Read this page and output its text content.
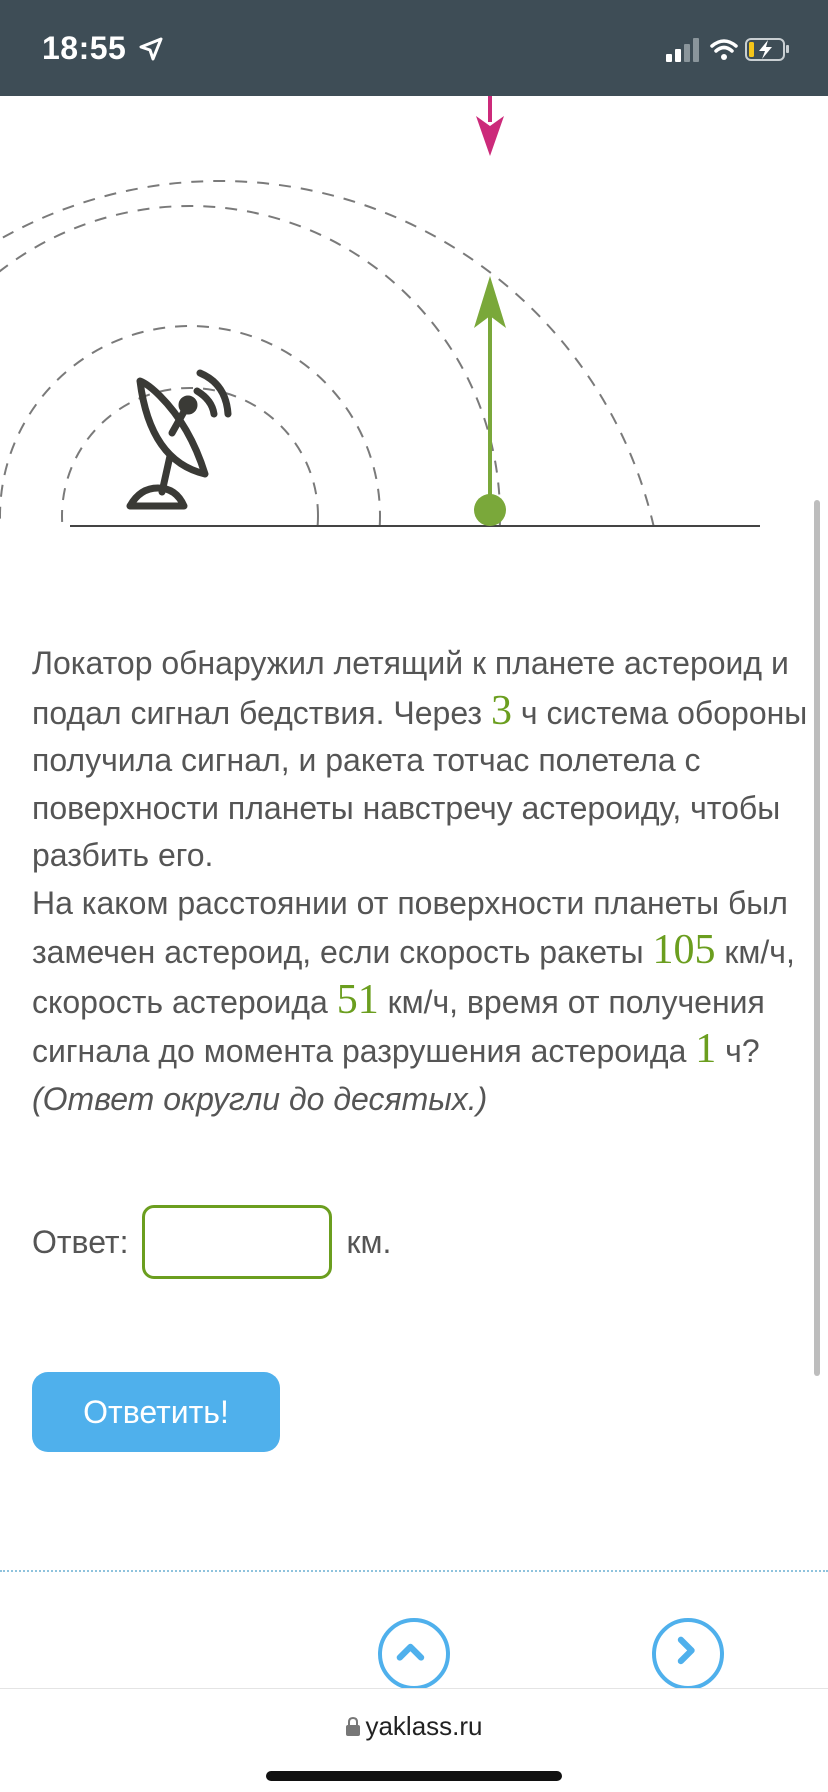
18:55

Локатор обнаружил летящий к планете астероид и подал сигнал бедствия. Через 3 ч система обороны получила сигнал, и ракета тотчас полетела с поверхности планеты навстречу астероиду, чтобы разбить его.

На каком расстоянии от поверхности планеты был замечен астероид, если скорость ракеты 105 км/ч, скорость астероида 51 км/ч, время от получения сигнала до момента разрушения астероида 1 ч?

(Ответ округли до десятых.)

Ответ:	км.
Ответить!
yaklass.ru
